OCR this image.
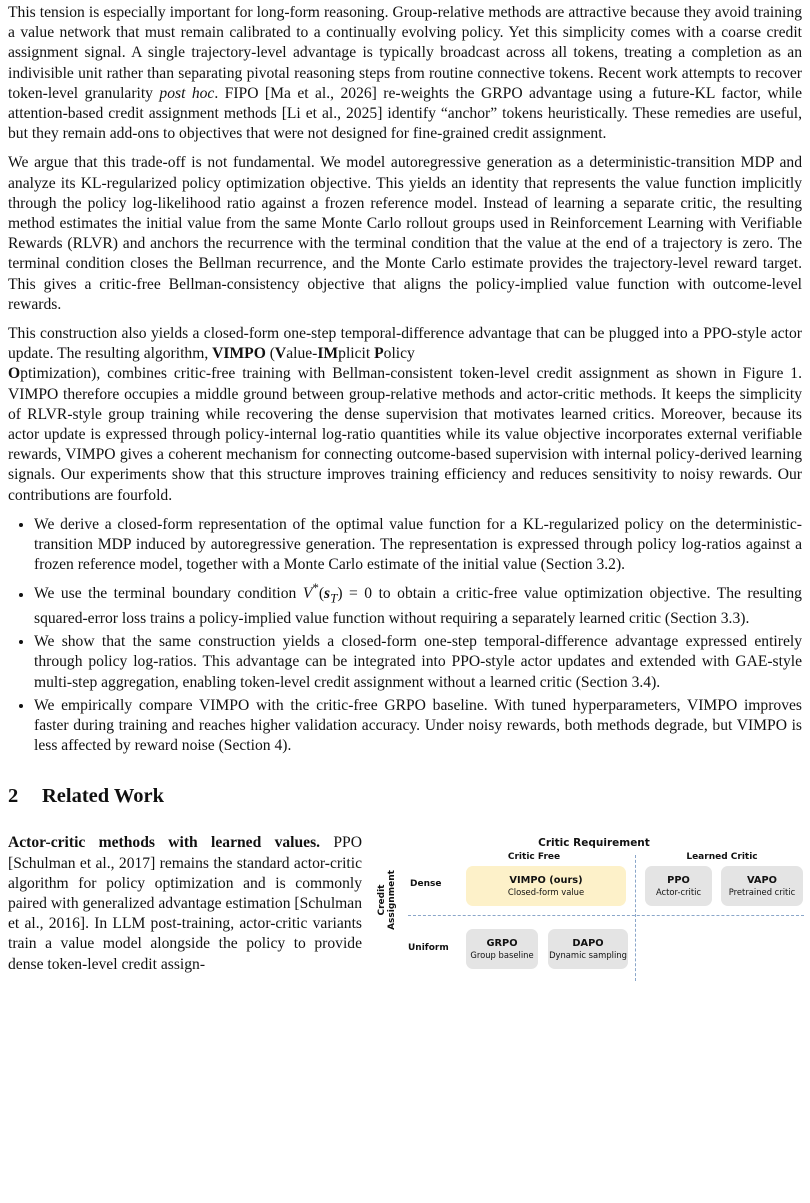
This tension is especially important for long-form reasoning. Group-relative methods are attractive because they avoid training a value network that must remain calibrated to a continually evolving policy. Yet this simplicity comes with a coarse credit assignment signal. A single trajectory-level advantage is typically broadcast across all tokens, treating a completion as an indivisible unit rather than separating pivotal reasoning steps from routine connective tokens. Recent work attempts to recover token-level granularity post hoc. FIPO [Ma et al., 2026] re-weights the GRPO advantage using a future-KL factor, while attention-based credit assignment methods [Li et al., 2025] identify “anchor” tokens heuristically. These remedies are useful, but they remain add-ons to objectives that were not designed for fine-grained credit assignment.

We argue that this trade-off is not fundamental. We model autoregressive generation as a deterministic-transition MDP and analyze its KL-regularized policy optimization objective. This yields an identity that represents the value function implicitly through the policy log-likelihood ratio against a frozen reference model. Instead of learning a separate critic, the resulting method estimates the initial value from the same Monte Carlo rollout groups used in Reinforcement Learning with Verifiable Rewards (RLVR) and anchors the recurrence with the terminal condition that the value at the end of a trajectory is zero. The terminal condition closes the Bellman recurrence, and the Monte Carlo estimate provides the trajectory-level reward target. This gives a critic-free Bellman-consistency objective that aligns the policy-implied value function with outcome-level rewards.

This construction also yields a closed-form one-step temporal-difference advantage that can be plugged into a PPO-style actor update. The resulting algorithm, VIMPO (Value-IMplicit Policy
Optimization), combines critic-free training with Bellman-consistent token-level credit assignment as shown in Figure 1. VIMPO therefore occupies a middle ground between group-relative methods and actor-critic methods. It keeps the simplicity of RLVR-style group training while recovering the dense supervision that motivates learned critics. Moreover, because its actor update is expressed through policy-internal log-ratio quantities while its value objective incorporates external verifiable rewards, VIMPO gives a coherent mechanism for connecting outcome-based supervision with internal policy-derived learning signals. Our experiments show that this structure improves training efficiency and reduces sensitivity to noisy rewards. Our contributions are fourfold.

• We derive a closed-form representation of the optimal value function for a KL-regularized policy on the deterministic-transition MDP induced by autoregressive generation. The representation is expressed through policy log-ratios against a frozen reference model, together with a Monte Carlo estimate of the initial value (Section 3.2).
• We use the terminal boundary condition $V^*(s_T) = 0$ to obtain a critic-free value optimization objective. The resulting squared-error loss trains a policy-implied value function without requiring a separately learned critic (Section 3.3).
• We show that the same construction yields a closed-form one-step temporal-difference advantage expressed entirely through policy log-ratios. This advantage can be integrated into PPO-style actor updates and extended with GAE-style multi-step aggregation, enabling token-level credit assignment without a learned critic (Section 3.4).
• We empirically compare VIMPO with the critic-free GRPO baseline. With tuned hyperparameters, VIMPO improves faster during training and reaches higher validation accuracy. Under noisy rewards, both methods degrade, but VIMPO is less affected by reward noise (Section 4).
2 Related Work

Actor-critic methods with learned values. PPO [Schulman et al., 2017] remains the standard actor-critic algorithm for policy optimization and is commonly paired with generalized advantage estimation [Schulman et al., 2016]. In LLM post-training, actor-critic variants train a value model alongside the policy to provide dense token-level credit assign-

Critic Requirement
Critic Free	Learned Critic
Credit Assignment Dense
Uniform
VIMPO (ours)
Closed-form value
PPO
Actor-critic
VAPO
Pretrained critic
GRPO
Group baseline
DAPO
Dynamic sampling
